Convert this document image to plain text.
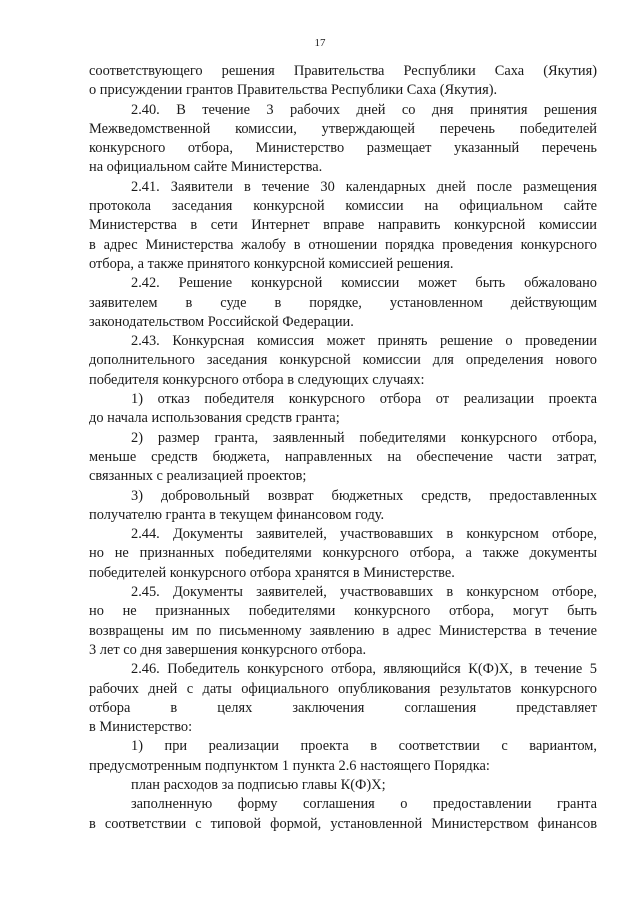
17
соответствующего решения Правительства Республики Саха (Якутия)
о присуждении грантов Правительства Республики Саха (Якутия).
2.40. В течение 3 рабочих дней со дня принятия решения
Межведомственной комиссии, утверждающей перечень победителей
конкурсного отбора, Министерство размещает указанный перечень
на официальном сайте Министерства.
2.41. Заявители в течение 30 календарных дней после размещения
протокола заседания конкурсной комиссии на официальном сайте
Министерства в сети Интернет вправе направить конкурсной комиссии
в адрес Министерства жалобу в отношении порядка проведения конкурсного
отбора, а также принятого конкурсной комиссией решения.
2.42. Решение конкурсной комиссии может быть обжаловано
заявителем в суде в порядке, установленном действующим
законодательством Российской Федерации.
2.43. Конкурсная комиссия может принять решение о проведении
дополнительного заседания конкурсной комиссии для определения нового
победителя конкурсного отбора в следующих случаях:
1) отказ победителя конкурсного отбора от реализации проекта
до начала использования средств гранта;
2) размер гранта, заявленный победителями конкурсного отбора,
меньше средств бюджета, направленных на обеспечение части затрат,
связанных с реализацией проектов;
3) добровольный возврат бюджетных средств, предоставленных
получателю гранта в текущем финансовом году.
2.44. Документы заявителей, участвовавших в конкурсном отборе,
но не признанных победителями конкурсного отбора, а также документы
победителей конкурсного отбора хранятся в Министерстве.
2.45. Документы заявителей, участвовавших в конкурсном отборе,
но не признанных победителями конкурсного отбора, могут быть
возвращены им по письменному заявлению в адрес Министерства в течение
3 лет со дня завершения конкурсного отбора.
2.46. Победитель конкурсного отбора, являющийся К(Ф)Х, в течение 5
рабочих дней с даты официального опубликования результатов конкурсного
отбора в целях заключения соглашения представляет
в Министерство:
1) при реализации проекта в соответствии с вариантом,
предусмотренным подпунктом 1 пункта 2.6 настоящего Порядка:
план расходов за подписью главы К(Ф)Х;
заполненную форму соглашения о предоставлении гранта
в соответствии с типовой формой, установленной Министерством финансов
